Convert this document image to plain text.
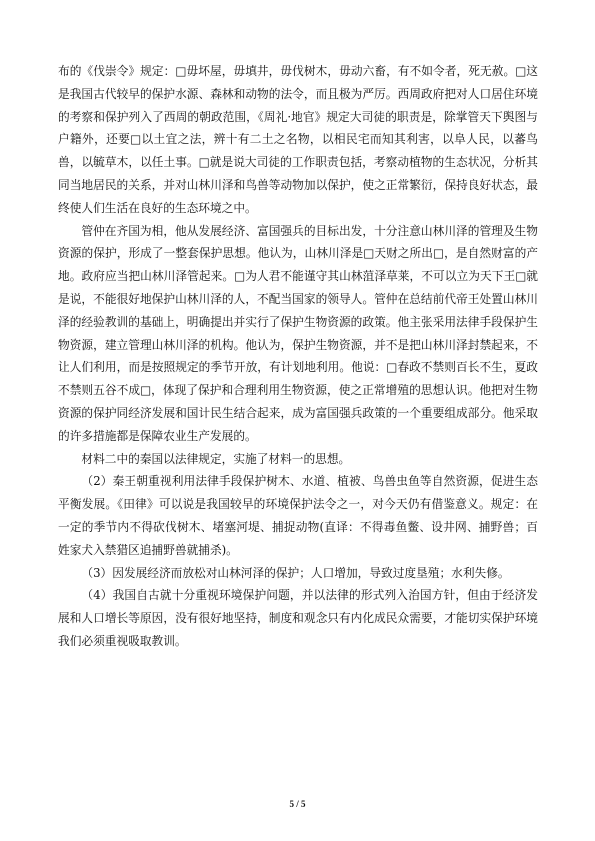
布的《伐崇令》规定：□毋坏屋，毋填井，毋伐树木，毋动六畜，有不如令者，死无赦。□这是我国古代较早的保护水源、森林和动物的法令，而且极为严厉。西周政府把对人口居住环境的考察和保护列入了西周的朝政范围，《周礼·地官》规定大司徒的职责是，除掌管天下舆图与户籍外，还要□以土宜之法，辨十有二土之名物，以相民宅而知其利害，以阜人民，以蕃鸟兽，以毓草木，以任土事。□就是说大司徒的工作职责包括，考察动植物的生态状况，分析其同当地居民的关系，并对山林川泽和鸟兽等动物加以保护，使之正常繁衍，保持良好状态，最终使人们生活在良好的生态环境之中。

管仲在齐国为相，他从发展经济、富国强兵的目标出发，十分注意山林川泽的管理及生物资源的保护，形成了一整套保护思想。他认为，山林川泽是□天财之所出□，是自然财富的产地。政府应当把山林川泽管起来。□为人君不能谨守其山林菹泽草莱，不可以立为天下王□就是说，不能很好地保护山林川泽的人，不配当国家的领导人。管仲在总结前代帝王处置山林川泽的经验教训的基础上，明确提出并实行了保护生物资源的政策。他主张采用法律手段保护生物资源，建立管理山林川泽的机构。他认为，保护生物资源，并不是把山林川泽封禁起来，不让人们利用，而是按照规定的季节开放，有计划地利用。他说：□春政不禁则百长不生，夏政不禁则五谷不成□，体现了保护和合理利用生物资源，使之正常增殖的思想认识。他把对生物资源的保护同经济发展和国计民生结合起来，成为富国强兵政策的一个重要组成部分。他采取的许多措施都是保障农业生产发展的。

材料二中的秦国以法律规定，实施了材料一的思想。

（2）秦王朝重视利用法律手段保护树木、水道、植被、鸟兽虫鱼等自然资源，促进生态平衡发展。《田律》可以说是我国较早的环境保护法令之一，对今天仍有借鉴意义。规定：在一定的季节内不得砍伐树木、堵塞河堤、捕捉动物(直译：不得毒鱼鳖、设井网、捕野兽；百姓家犬入禁猎区追捕野兽就捕杀)。

（3）因发展经济而放松对山林河泽的保护；人口增加，导致过度垦殖；水利失修。

（4）我国自古就十分重视环境保护问题，并以法律的形式列入治国方针，但由于经济发展和人口增长等原因，没有很好地坚持，制度和观念只有内化成民众需要，才能切实保护环境我们必须重视吸取教训。

5 / 5
